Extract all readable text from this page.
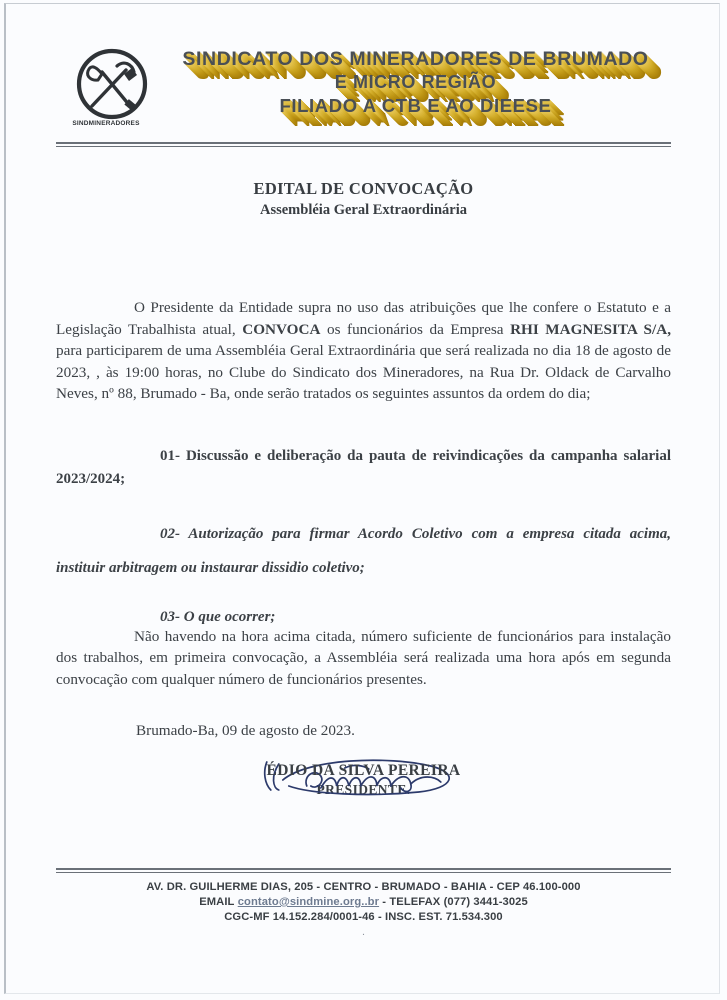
SINDMINERADORES
SINDICATO DOS MINERADORES DE BRUMADO
E MICRO REGIÃO
FILIADO A CTB E AO DIEESE
EDITAL DE CONVOCAÇÃO
Assembléia Geral Extraordinária

O Presidente da Entidade supra no uso das atribuições que lhe confere o Estatuto e a Legislação Trabalhista atual, CONVOCA os funcionários da Empresa RHI MAGNESITA S/A, para participarem de uma Assembléia Geral Extraordinária que será realizada no dia 18 de agosto de 2023, , às 19:00 horas, no Clube do Sindicato dos Mineradores, na Rua Dr. Oldack de Carvalho Neves, nº 88, Brumado - Ba, onde serão tratados os seguintes assuntos da ordem do dia;

01- Discussão e deliberação da pauta de reivindicações da campanha salarial 2023/2024;

02- Autorização para firmar Acordo Coletivo com a empresa citada acima, instituir arbitragem ou instaurar dissidio coletivo;

03- O que ocorrer;

Não havendo na hora acima citada, número suficiente de funcionários para instalação dos trabalhos, em primeira convocação, a Assembléia será realizada uma hora após em segunda convocação com qualquer número de funcionários presentes.

Brumado-Ba, 09 de agosto de 2023.
ÉDIO DA SILVA PEREIRA
PRESIDENTE.
AV. DR. GUILHERME DIAS, 205 - CENTRO - BRUMADO - BAHIA - CEP 46.100-000
EMAIL contato@sindmine.org..br - TELEFAX (077) 3441-3025
CGC-MF 14.152.284/0001-46 - INSC. EST. 71.534.300
.
